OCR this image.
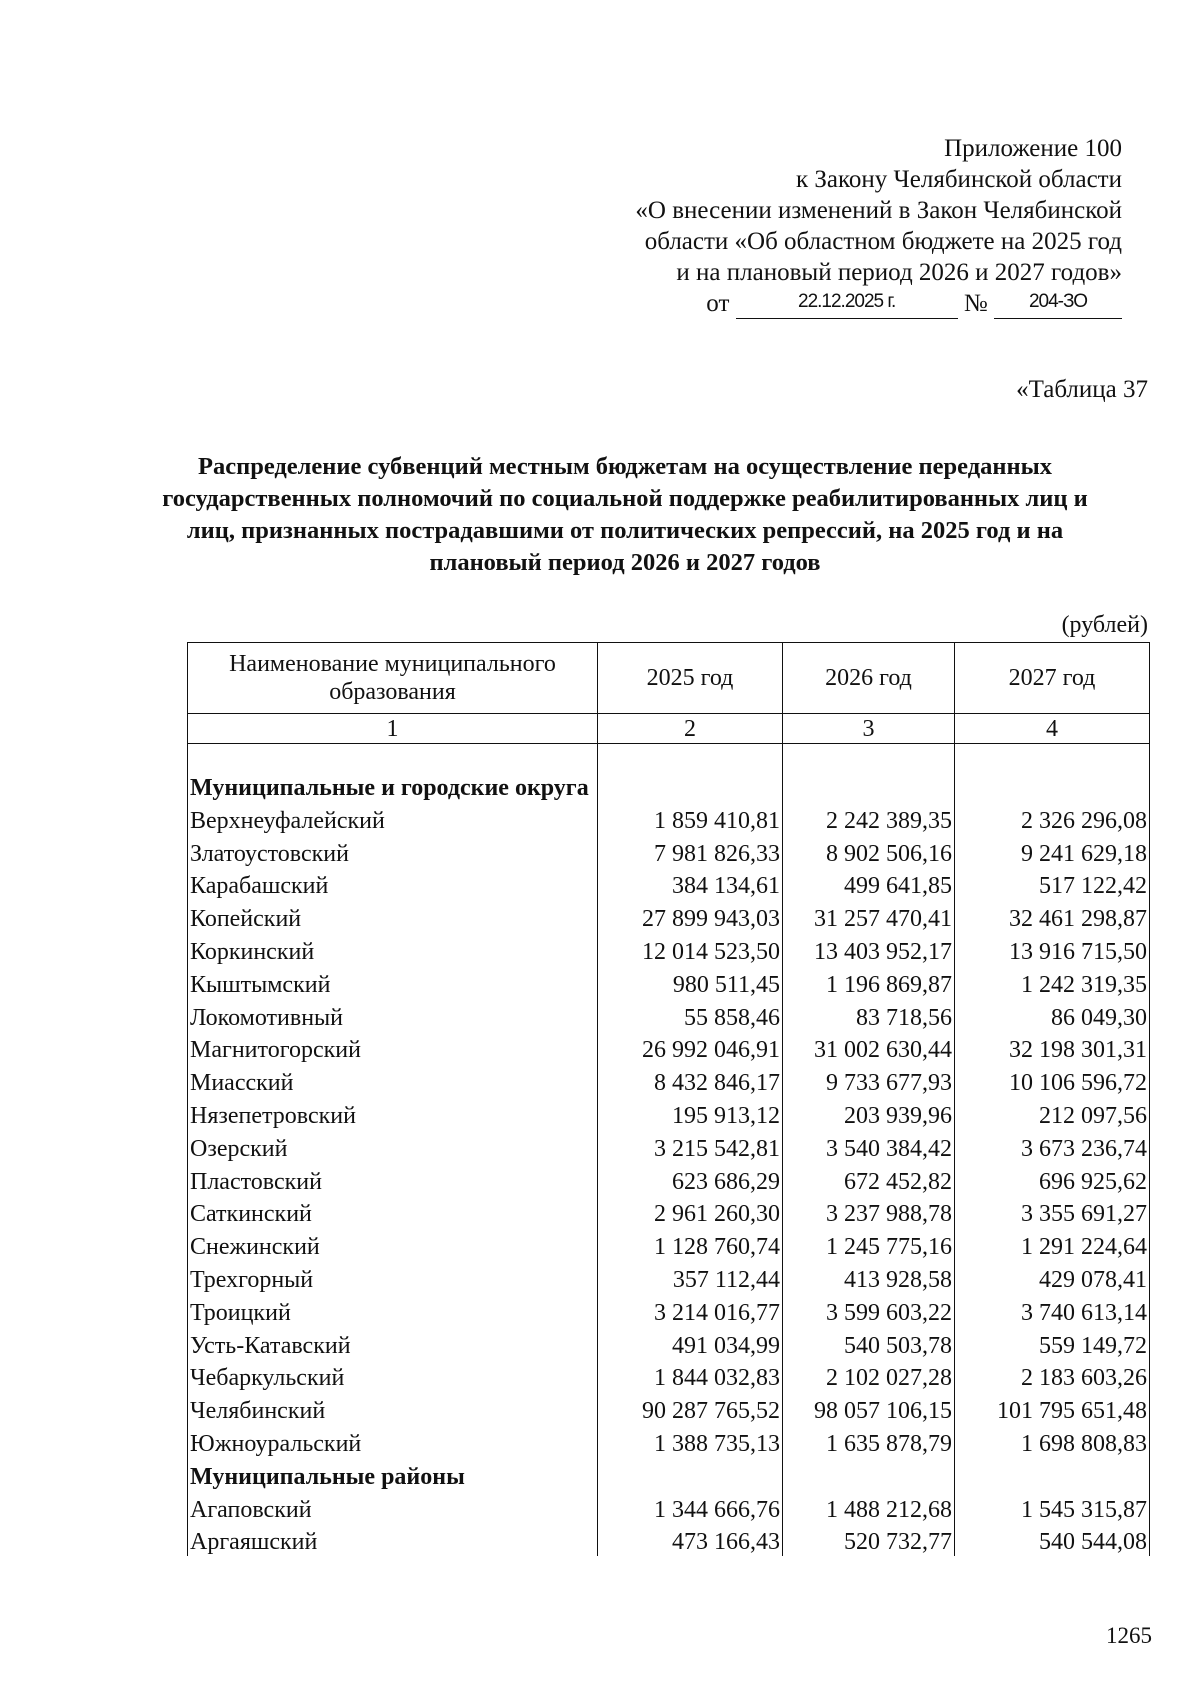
Приложение 100
к Закону Челябинской области
«О внесении изменений в Закон Челябинской
области «Об областном бюджете на 2025 год
и на плановый период 2026 и 2027 годов»
от	22.12.2025 г.	№	204-ЗО
«Таблица 37
Распределение субвенций местным бюджетам на осуществление переданных государственных полномочий по социальной поддержке реабилитированных лиц и лиц, признанных пострадавшими от политических репрессий, на 2025 год и на плановый период 2026 и 2027 годов
(рублей)
Наименование муниципального образования	2025 год	2026 год	2027 год
1	2	3	4
Муниципальные и городские округа			
Верхнеуфалейский	1 859 410,81	2 242 389,35	2 326 296,08
Златоустовский	7 981 826,33	8 902 506,16	9 241 629,18
Карабашский	384 134,61	499 641,85	517 122,42
Копейский	27 899 943,03	31 257 470,41	32 461 298,87
Коркинский	12 014 523,50	13 403 952,17	13 916 715,50
Кыштымский	980 511,45	1 196 869,87	1 242 319,35
Локомотивный	55 858,46	83 718,56	86 049,30
Магнитогорский	26 992 046,91	31 002 630,44	32 198 301,31
Миасский	8 432 846,17	9 733 677,93	10 106 596,72
Нязепетровский	195 913,12	203 939,96	212 097,56
Озерский	3 215 542,81	3 540 384,42	3 673 236,74
Пластовский	623 686,29	672 452,82	696 925,62
Саткинский	2 961 260,30	3 237 988,78	3 355 691,27
Снежинский	1 128 760,74	1 245 775,16	1 291 224,64
Трехгорный	357 112,44	413 928,58	429 078,41
Троицкий	3 214 016,77	3 599 603,22	3 740 613,14
Усть-Катавский	491 034,99	540 503,78	559 149,72
Чебаркульский	1 844 032,83	2 102 027,28	2 183 603,26
Челябинский	90 287 765,52	98 057 106,15	101 795 651,48
Южноуральский	1 388 735,13	1 635 878,79	1 698 808,83
Муниципальные районы			
Агаповский	1 344 666,76	1 488 212,68	1 545 315,87
Аргаяшский	473 166,43	520 732,77	540 544,08
1265
